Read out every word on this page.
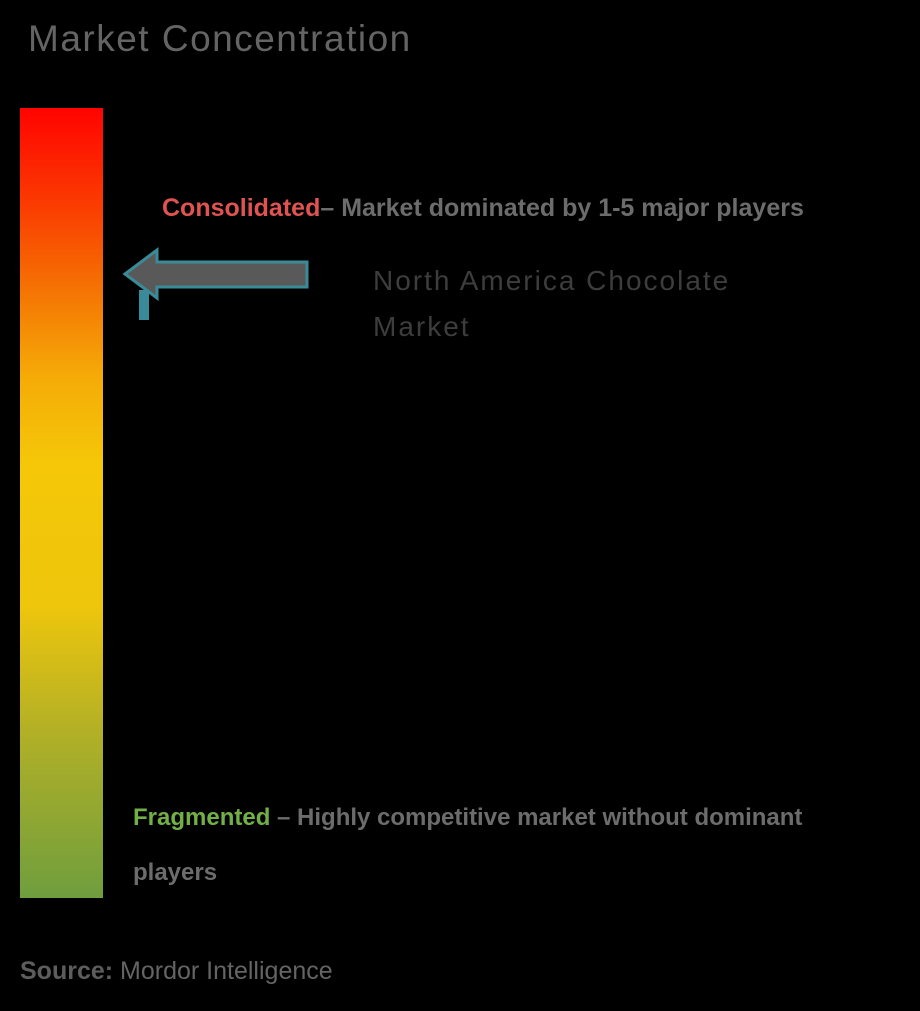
Market Concentration
Consolidated– Market dominated by 1-5 major players
North America Chocolate Market
Fragmented – Highly competitive market without dominant players
Source: Mordor Intelligence
